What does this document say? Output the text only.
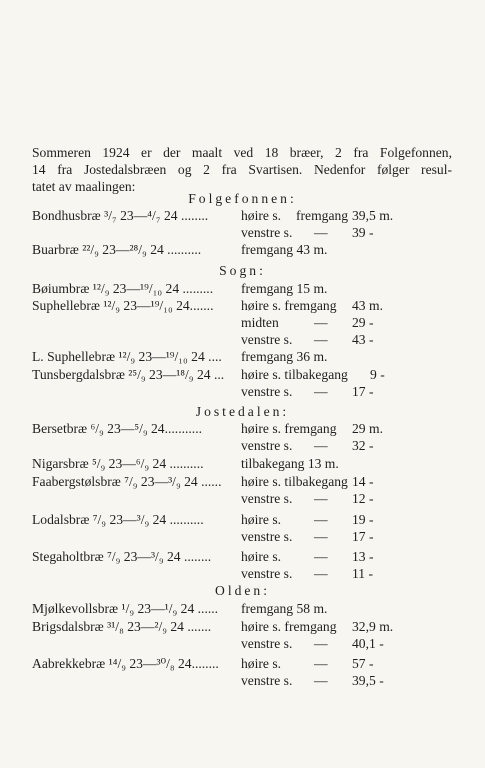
Sommeren 1924 er der maalt ved 18 bræer, 2 fra Folgefonnen,
14 fra Jostedalsbræen og 2 fra Svartisen. Nedenfor følger resul-
tatet av maalingen:
Folgefonnen:
Bondhusbræ ³/₇ 23—⁴/₇ 24 ........ høire s. fremgang 39,5 m.
venstre s. — 39 -
Buarbræ ²²/₉ 23—²⁸/₉ 24 ..........	fremgang 43 m.
Sogn:
Bøiumbræ ¹²/₉ 23—¹⁹/₁₀ 24 ......... fremgang 15 m.
Suphellebræ ¹²/₉ 23—¹⁹/₁₀ 24....... høire s. fremgang 43 m.
midten	— 29 -
venstre s. — 43 -
L. Suphellebræ ¹²/₉ 23—¹⁹/₁₀ 24 .... fremgang 36 m.
Tunsbergdalsbræ ²⁵/₉ 23—¹⁸/₉ 24 ... høire s. tilbakegang 9 -
venstre s. — 17 -
Jostedalen:
Bersetbræ ⁶/₉ 23—⁵/₉ 24...........	høire s. fremgang 29 m.
venstre s. — 32 -
Nigarsbræ ⁵/₉ 23—⁶/₉ 24 ..........	tilbakegang 13 m.
Faabergstølsbræ ⁷/₉ 23—³/₉ 24 ...... høire s. tilbakegang 14 -
venstre s. — 12 -
Lodalsbræ ⁷/₉ 23—³/₉ 24 ..........	høire s. — 19 -
venstre s. — 17 -
Stegaholtbræ ⁷/₉ 23—³/₉ 24 ........ høire s. — 13 -
venstre s. — 11 -
Olden:
Mjølkevollsbræ ¹/₉ 23—¹/₉ 24 ...... fremgang 58 m.
Brigsdalsbræ ³¹/₈ 23—²/₉ 24 ....... høire s. fremgang 32,9 m.
venstre s. — 40,1 -
Aabrekkebræ ¹⁴/₉ 23—³⁰/₈ 24........ høire s. — 57 -
venstre s. — 39,5 -
